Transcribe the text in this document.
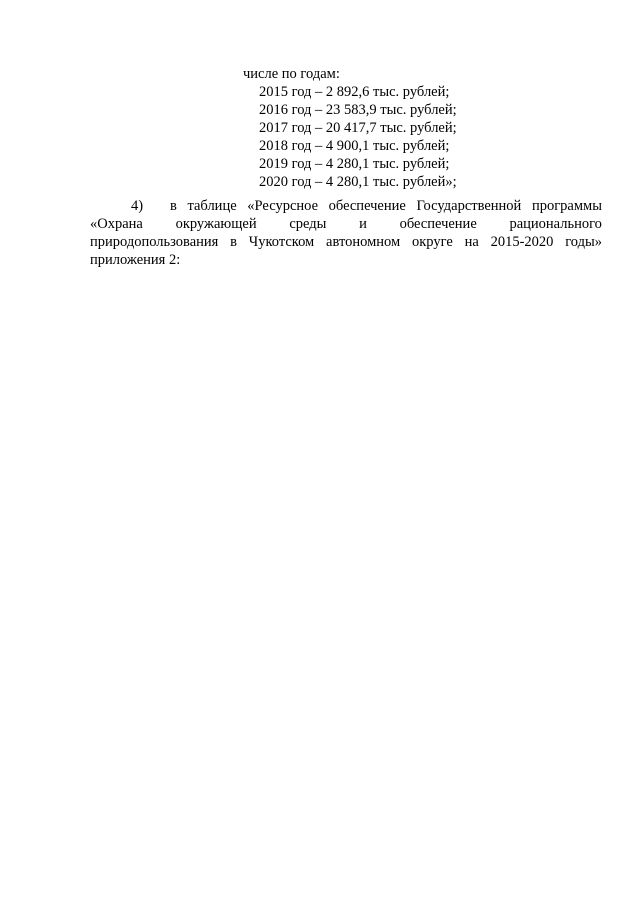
числе по годам:
2015 год – 2 892,6 тыс. рублей;
2016 год – 23 583,9 тыс. рублей;
2017 год – 20 417,7 тыс. рублей;
2018 год – 4 900,1 тыс. рублей;
2019 год – 4 280,1 тыс. рублей;
2020 год – 4 280,1 тыс. рублей»;
4) в таблице «Ресурсное обеспечение Государственной программы
«Охрана окружающей среды и обеспечение рационального
природопользования в Чукотском автономном округе на 2015-2020 годы»
приложения 2:
